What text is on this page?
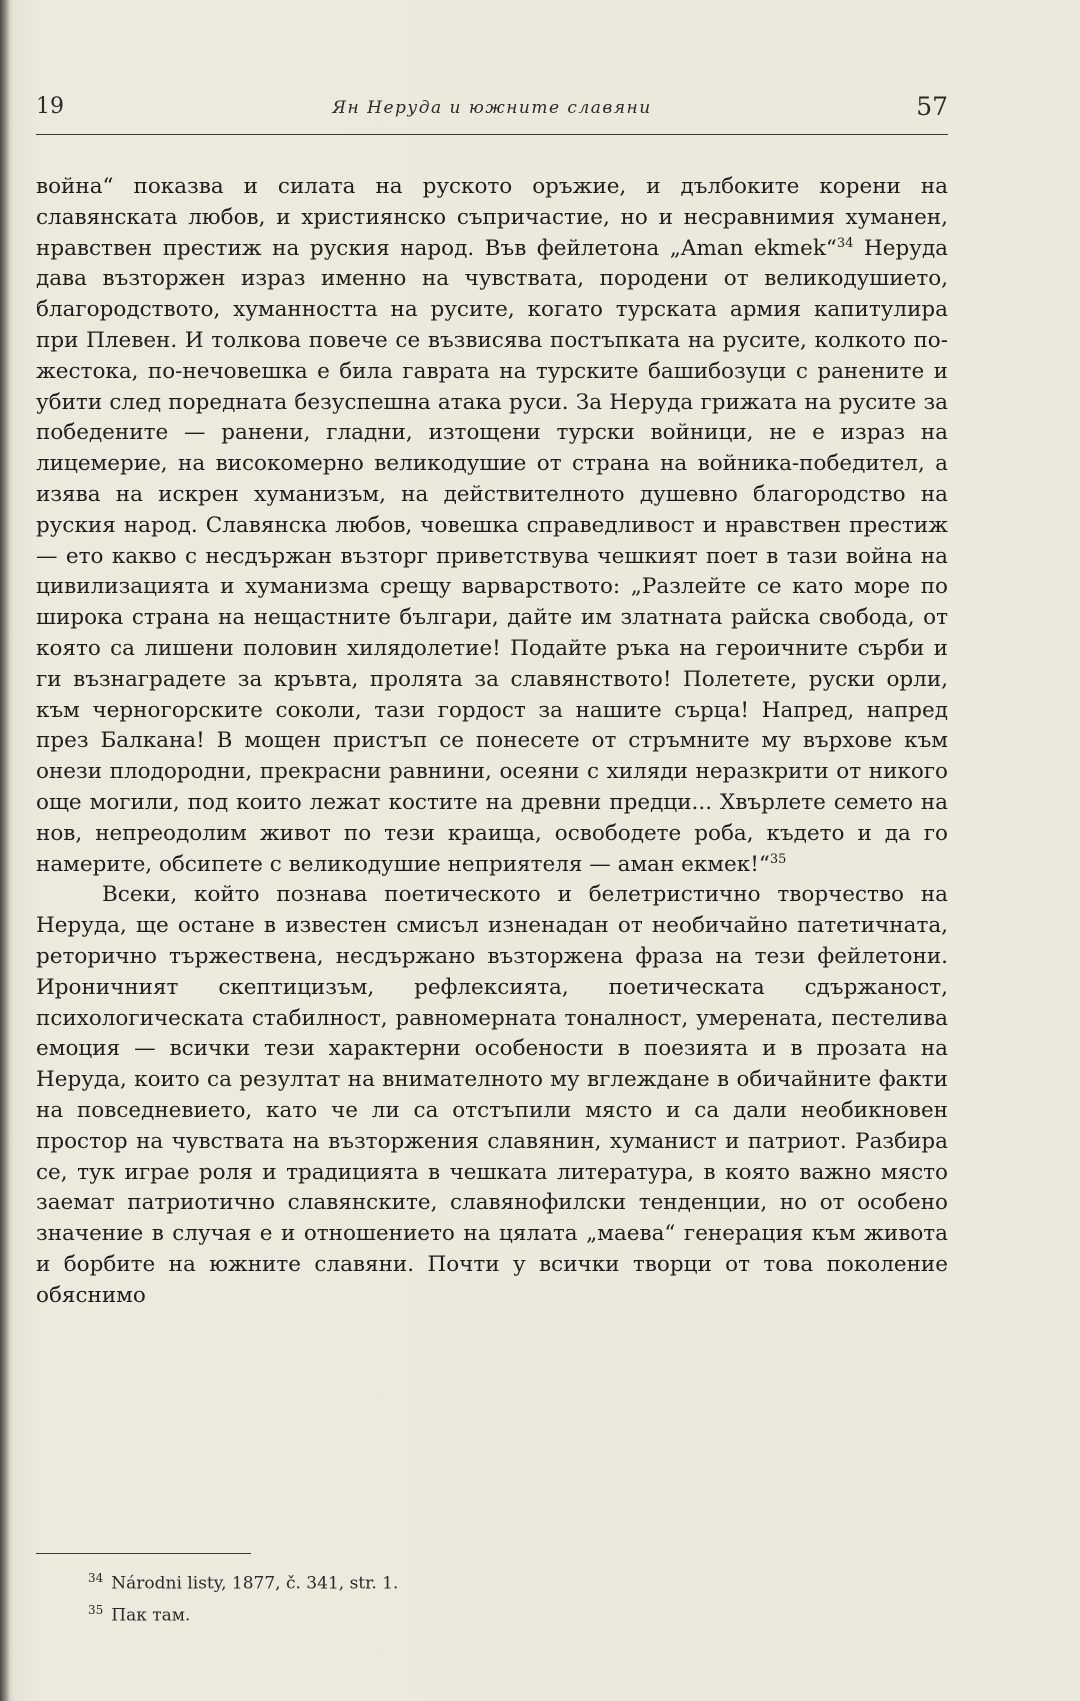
19	Ян Неруда и южните славяни	57

война“ показва и силата на руското оръжие, и дълбоките корени на славянската любов, и християнско съпричастие, но и несравнимия хуманен, нравствен престиж на руския народ. Във фейлетона „Aman ekmek“$^{34}$ Неруда дава възторжен израз именно на чувствата, породени от великодушието, благородството, хуманността на русите, когато турската армия капитулира при Плевен. И толкова повече се възвисява постъпката на русите, колкото по-жестока, по-нечовешка е била гаврата на турските башибозуци с ранените и убити след поредната безуспешна атака руси. За Неруда грижата на русите за победените — ранени, гладни, изтощени турски войници, не е израз на лицемерие, на високомерно великодушие от страна на войника-победител, а изява на искрен хуманизъм, на действителното душевно благородство на руския народ. Славянска любов, човешка справедливост и нравствен престиж — ето какво с несдържан възторг приветствува чешкият поет в тази война на цивилизацията и хуманизма срещу варварството: „Разлейте се като море по широка страна на нещастните българи, дайте им златната райска свобода, от която са лишени половин хилядолетие! Подайте ръка на героичните сърби и ги възнаградете за кръвта, пролята за славянството! Полетете, руски орли, към черногорските соколи, тази гордост за нашите сърца! Напред, напред през Балкана! В мощен пристъп се понесете от стръмните му върхове към онези плодородни, прекрасни равнини, осеяни с хиляди неразкрити от никого още могили, под които лежат костите на древни предци... Хвърлете семето на нов, непреодолим живот по тези краища, освободете роба, където и да го намерите, обсипете с великодушие неприятеля — аман екмек!“$^{35}$

Всеки, който познава поетическото и белетристично творчество на Неруда, ще остане в известен смисъл изненадан от необичайно патетичната, реторично тържествена, несдържано възторжена фраза на тези фейлетони. Ироничният скептицизъм, рефлексията, поетическата сдържаност, психологическата стабилност, равномерната тоналност, умерената, пестелива емоция — всички тези характерни особености в поезията и в прозата на Неруда, които са резултат на внимателното му вглеждане в обичайните факти на повседневието, като че ли са отстъпили място и са дали необикновен простор на чувствата на възторжения славянин, хуманист и патриот. Разбира се, тук играе роля и традицията в чешката литература, в която важно място заемат патриотично славянските, славянофилски тенденции, но от особено значение в случая е и отношението на цялата „маева“ генерация към живота и борбите на южните славяни. Почти у всички творци от това поколение обяснимо

$^{34}$ Národni listy, 1877, č. 341, str. 1.
$^{35}$ Пак там.
